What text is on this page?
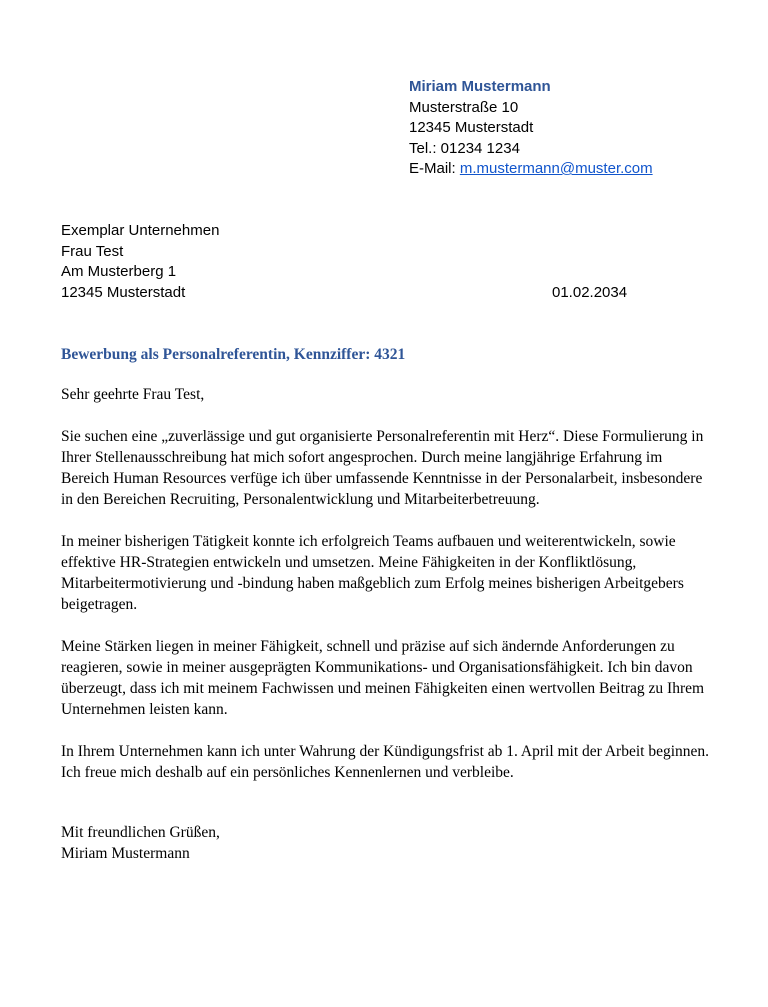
Miriam Mustermann
Musterstraße 10
12345 Musterstadt
Tel.: 01234 1234
E-Mail: m.mustermann@muster.com
Exemplar Unternehmen
Frau Test
Am Musterberg 1
12345 Musterstadt	01.02.2034
Bewerbung als Personalreferentin, Kennziffer: 4321

Sehr geehrte Frau Test,

Sie suchen eine „zuverlässige und gut organisierte Personalreferentin mit Herz“. Diese Formulierung in Ihrer Stellenausschreibung hat mich sofort angesprochen. Durch meine langjährige Erfahrung im Bereich Human Resources verfüge ich über umfassende Kenntnisse in der Personalarbeit, insbesondere in den Bereichen Recruiting, Personalentwicklung und Mitarbeiterbetreuung.

In meiner bisherigen Tätigkeit konnte ich erfolgreich Teams aufbauen und weiterentwickeln, sowie effektive HR-Strategien entwickeln und umsetzen. Meine Fähigkeiten in der Konfliktlösung, Mitarbeitermotivierung und -bindung haben maßgeblich zum Erfolg meines bisherigen Arbeitgebers beigetragen.

Meine Stärken liegen in meiner Fähigkeit, schnell und präzise auf sich ändernde Anforderungen zu reagieren, sowie in meiner ausgeprägten Kommunikations- und Organisationsfähigkeit. Ich bin davon überzeugt, dass ich mit meinem Fachwissen und meinen Fähigkeiten einen wertvollen Beitrag zu Ihrem Unternehmen leisten kann.

In Ihrem Unternehmen kann ich unter Wahrung der Kündigungsfrist ab 1. April mit der Arbeit beginnen. Ich freue mich deshalb auf ein persönliches Kennenlernen und verbleibe.

Mit freundlichen Grüßen,
Miriam Mustermann
